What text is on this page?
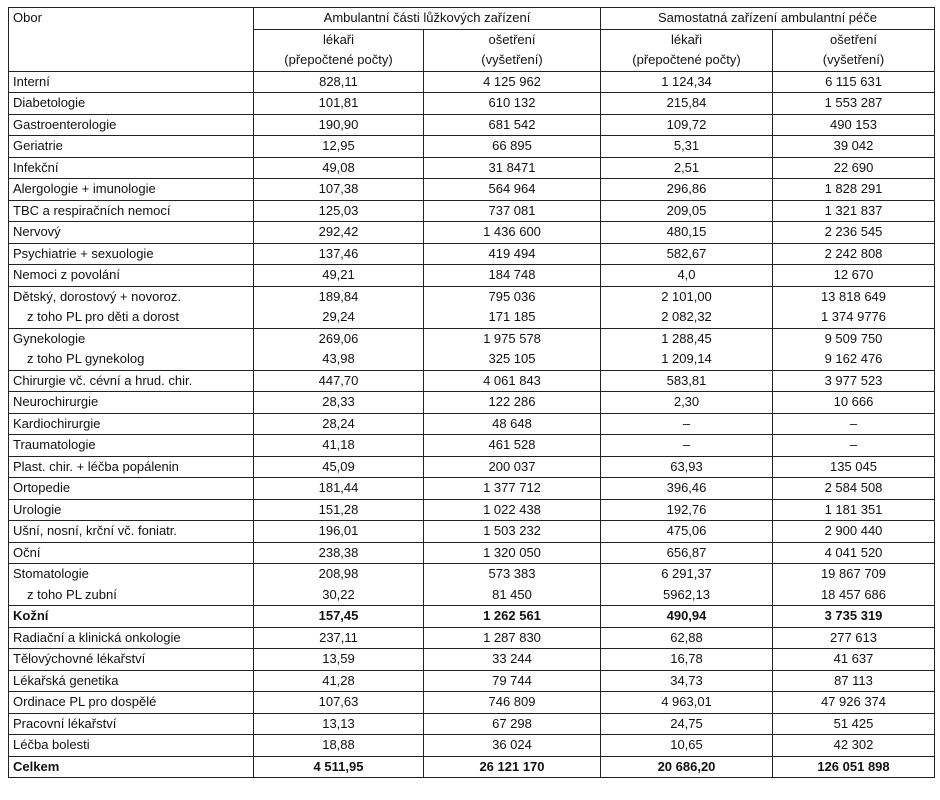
Obor	Ambulantní části lůžkových zařízení		Samostatná zařízení ambulantní péče	
	lékaři	ošetření	lékaři	ošetření
	(přepočtené počty)	(vyšetření)	(přepočtené počty)	(vyšetření)
Interní	828,11	4 125 962	1 124,34	6 115 631
Diabetologie	101,81	610 132	215,84	1 553 287
Gastroenterologie	190,90	681 542	109,72	490 153
Geriatrie	12,95	66 895	5,31	39 042
Infekční	49,08	31 8471	2,51	22 690
Alergologie + imunologie	107,38	564 964	296,86	1 828 291
TBC a respiračních nemocí	125,03	737 081	209,05	1 321 837
Nervový	292,42	1 436 600	480,15	2 236 545
Psychiatrie + sexuologie	137,46	419 494	582,67	2 242 808
Nemoci z povolání	49,21	184 748	4,0	12 670
Dětský, dorostový + novoroz.	189,84	795 036	2 101,00	13 818 649
z toho PL pro děti a dorost	29,24	171 185	2 082,32	1 374 9776
Gynekologie	269,06	1 975 578	1 288,45	9 509 750
z toho PL gynekolog	43,98	325 105	1 209,14	9 162 476
Chirurgie vč. cévní a hrud. chir.	447,70	4 061 843	583,81	3 977 523
Neurochirurgie	28,33	122 286	2,30	10 666
Kardiochirurgie	28,24	48 648	–	–
Traumatologie	41,18	461 528	–	–
Plast. chir. + léčba popálenin	45,09	200 037	63,93	135 045
Ortopedie	181,44	1 377 712	396,46	2 584 508
Urologie	151,28	1 022 438	192,76	1 181 351
Ušní, nosní, krční vč. foniatr.	196,01	1 503 232	475,06	2 900 440
Oční	238,38	1 320 050	656,87	4 041 520
Stomatologie	208,98	573 383	6 291,37	19 867 709
z toho PL zubní	30,22	81 450	5962,13	18 457 686
Kožní	157,45	1 262 561	490,94	3 735 319
Radiační a klinická onkologie	237,11	1 287 830	62,88	277 613
Tělovýchovné lékařství	13,59	33 244	16,78	41 637
Lékařská genetika	41,28	79 744	34,73	87 113
Ordinace PL pro dospělé	107,63	746 809	4 963,01	47 926 374
Pracovní lékařství	13,13	67 298	24,75	51 425
Léčba bolesti	18,88	36 024	10,65	42 302
Celkem	4 511,95	26 121 170	20 686,20	126 051 898
